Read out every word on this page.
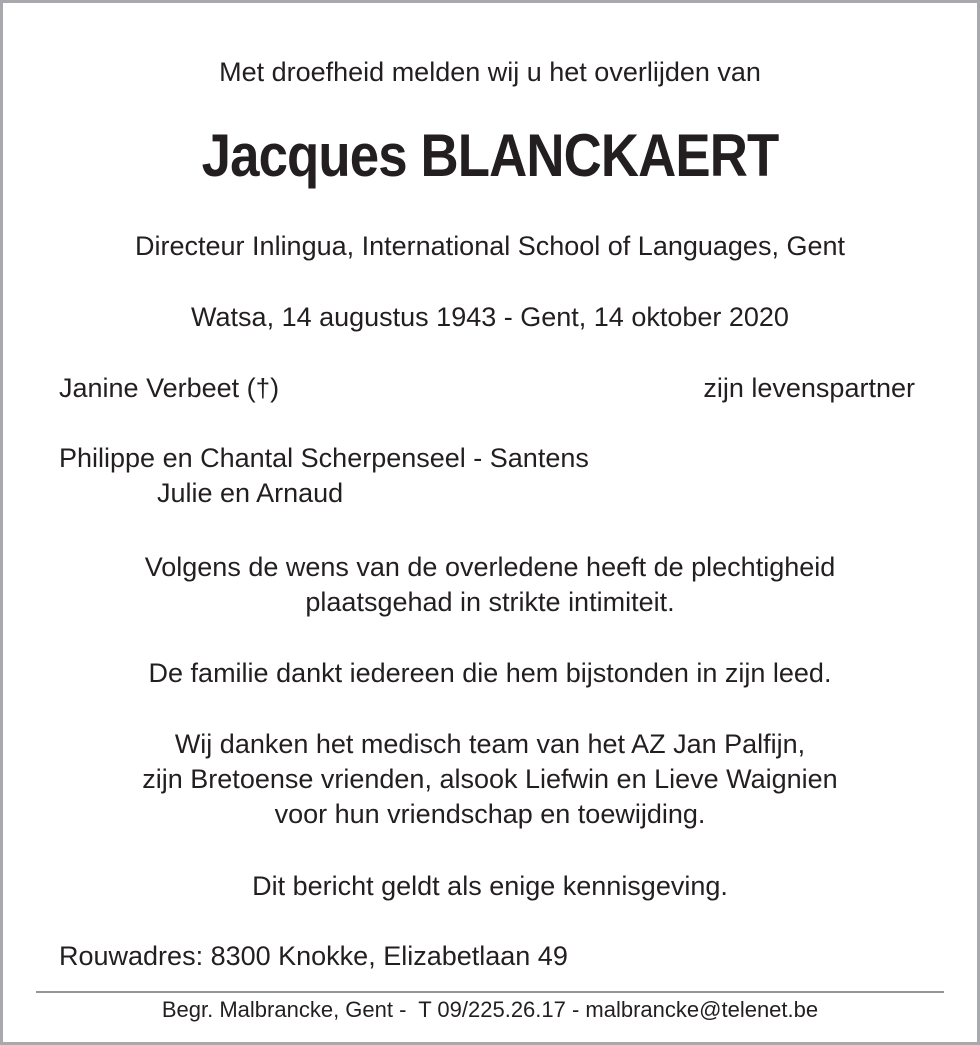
Met droefheid melden wij u het overlijden van
Jacques BLANCKAERT
Directeur Inlingua, International School of Languages, Gent
Watsa, 14 augustus 1943 - Gent, 14 oktober 2020
Janine Verbeet (†)	zijn levenspartner
Philippe en Chantal Scherpenseel - Santens
Julie en Arnaud
Volgens de wens van de overledene heeft de plechtigheid
plaatsgehad in strikte intimiteit.
De familie dankt iedereen die hem bijstonden in zijn leed.
Wij danken het medisch team van het AZ Jan Palfijn,
zijn Bretoense vrienden, alsook Liefwin en Lieve Waignien
voor hun vriendschap en toewijding.
Dit bericht geldt als enige kennisgeving.
Rouwadres: 8300 Knokke, Elizabetlaan 49
Begr. Malbrancke, Gent -  T 09/225.26.17 - malbrancke@telenet.be
